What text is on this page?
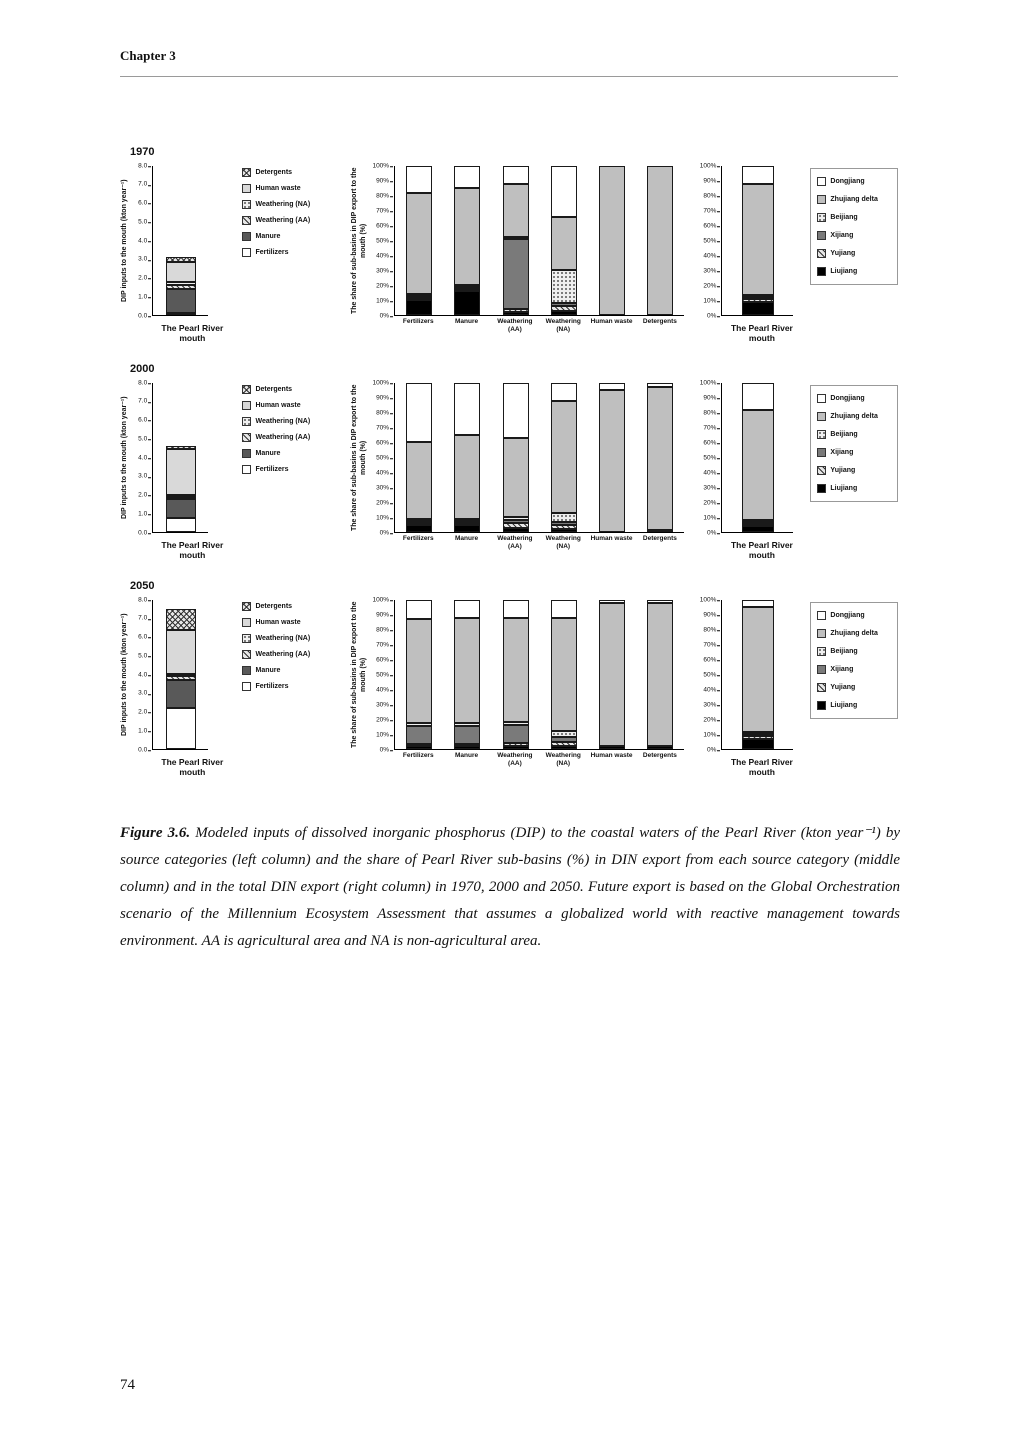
Chapter 3
1970
DIP inputs to the mouth (kton year⁻¹)
0.0
1.0
2.0
3.0
4.0
5.0
6.0
7.0
8.0
The Pearl River mouth
Detergents
Human waste
Weathering (NA)
Weathering (AA)
Manure
Fertilizers	The share of sub-basins in DIP export to the mouth (%)
0%
10%
20%
30%
40%
50%
60%
70%
80%
90%
100%
Fertilizers	Manure	Weathering (AA)
Weathering (NA)
Human waste	Detergents
0%
10%
20%
30%
40%
50%
60%
70%
80%
90%
100%
The Pearl River mouth
Dongjiang
Zhujiang delta
Beijiang
Xijiang
Yujiang
Liujiang
2000
DIP inputs to the mouth (kton year⁻¹)
0.0
1.0
2.0
3.0
4.0
5.0
6.0
7.0
8.0
The Pearl River mouth
Detergents
Human waste
Weathering (NA)
Weathering (AA)
Manure
Fertilizers	The share of sub-basins in DIP export to the mouth (%)
0%
10%
20%
30%
40%
50%
60%
70%
80%
90%
100%
Fertilizers	Manure	Weathering (AA)
Weathering (NA)
Human waste	Detergents
0%
10%
20%
30%
40%
50%
60%
70%
80%
90%
100%
The Pearl River mouth
Dongjiang
Zhujiang delta
Beijiang
Xijiang
Yujiang
Liujiang
2050
DIP inputs to the mouth (kton year⁻¹)
0.0
1.0
2.0
3.0
4.0
5.0
6.0
7.0
8.0
The Pearl River mouth
Detergents
Human waste
Weathering (NA)
Weathering (AA)
Manure
Fertilizers	The share of sub-basins in DIP export to the mouth (%)
0%
10%
20%
30%
40%
50%
60%
70%
80%
90%
100%
Fertilizers	Manure	Weathering (AA)
Weathering (NA)
Human waste	Detergents
0%
10%
20%
30%
40%
50%
60%
70%
80%
90%
100%
The Pearl River mouth
Dongjiang
Zhujiang delta
Beijiang
Xijiang
Yujiang
Liujiang

Figure 3.6. Modeled inputs of dissolved inorganic phosphorus (DIP) to the coastal waters of the Pearl River (kton year⁻¹) by source categories (left column) and the share of Pearl River sub-basins (%) in DIN export from each source category (middle column) and in the total DIN export (right column) in 1970, 2000 and 2050. Future export is based on the Global Orchestration scenario of the Millennium Ecosystem Assessment that assumes a globalized world with reactive management towards environment. AA is agricultural area and NA is non-agricultural area.

74
